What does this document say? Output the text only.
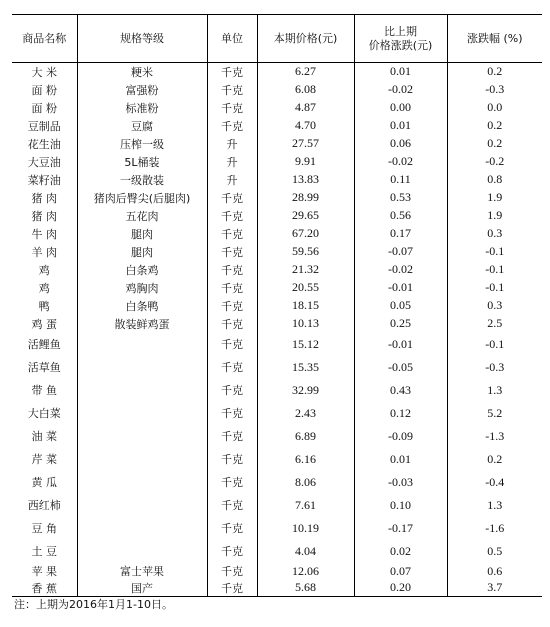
商品名称	规格等级	单位	本期价格(元)	比上期
价格涨跌(元)	涨跌幅 (%)
大 米	粳米	千克	6.27	0.01	0.2
面 粉	富强粉	千克	6.08	-0.02	-0.3
面 粉	标准粉	千克	4.87	0.00	0.0
豆制品	豆腐	千克	4.70	0.01	0.2
花生油	压榨一级	升	27.57	0.06	0.2
大豆油	5L桶装	升	9.91	-0.02	-0.2
菜籽油	一级散装	升	13.83	0.11	0.8
猪 肉	猪肉后臀尖(后腿肉)	千克	28.99	0.53	1.9
猪 肉	五花肉	千克	29.65	0.56	1.9
牛 肉	腿肉	千克	67.20	0.17	0.3
羊 肉	腿肉	千克	59.56	-0.07	-0.1
鸡	白条鸡	千克	21.32	-0.02	-0.1
鸡	鸡胸肉	千克	20.55	-0.01	-0.1
鸭	白条鸭	千克	18.15	0.05	0.3
鸡 蛋	散装鲜鸡蛋	千克	10.13	0.25	2.5
活鲤鱼		千克	15.12	-0.01	-0.1
活草鱼		千克	15.35	-0.05	-0.3
带 鱼		千克	32.99	0.43	1.3
大白菜		千克	2.43	0.12	5.2
油 菜		千克	6.89	-0.09	-1.3
芹 菜		千克	6.16	0.01	0.2
黄 瓜		千克	8.06	-0.03	-0.4
西红柿		千克	7.61	0.10	1.3
豆 角		千克	10.19	-0.17	-1.6
土 豆		千克	4.04	0.02	0.5
苹 果	富士苹果	千克	12.06	0.07	0.6
香 蕉	国产	千克	5.68	0.20	3.7
注：上期为2016年1月1-10日。
